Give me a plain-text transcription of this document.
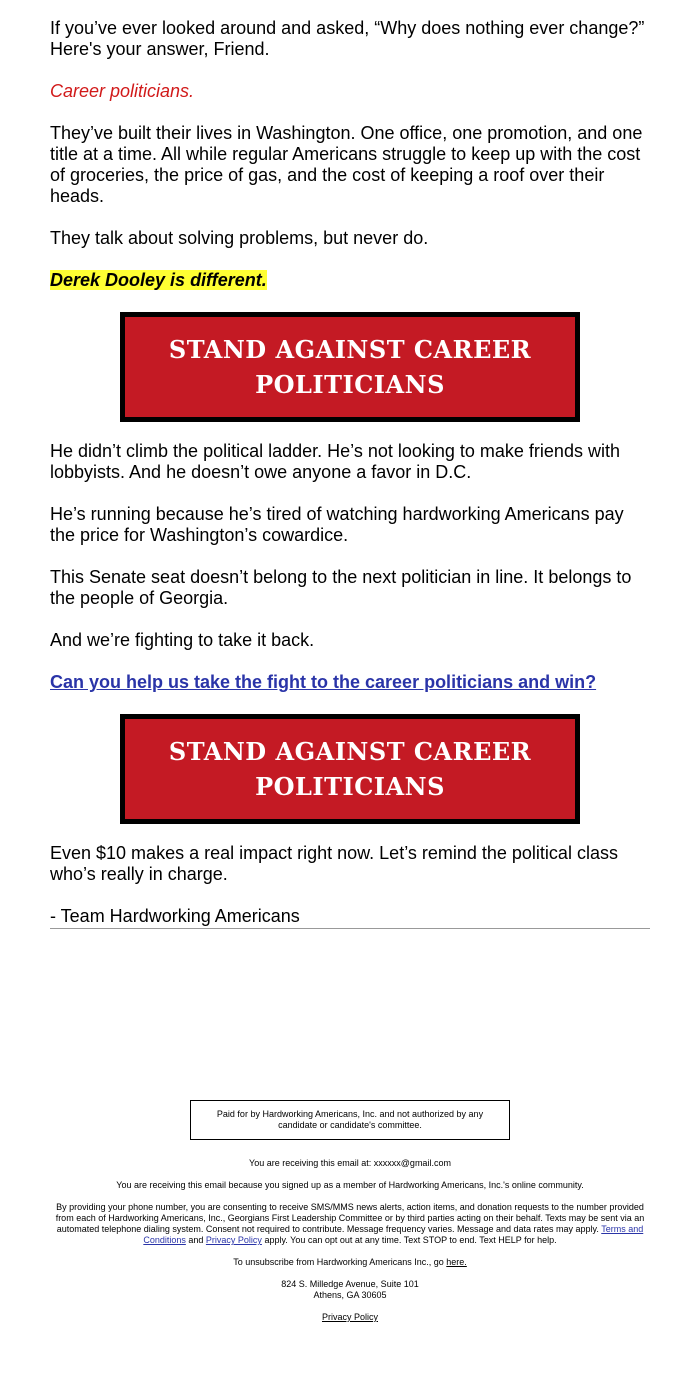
If you’ve ever looked around and asked, “Why does nothing ever change?” Here's your answer, Friend.

Career politicians.

They’ve built their lives in Washington. One office, one promotion, and one title at a time. All while regular Americans struggle to keep up with the cost of groceries, the price of gas, and the cost of keeping a roof over their heads.

They talk about solving problems, but never do.

Derek Dooley is different.

STAND AGAINST CAREER
POLITICIANS

He didn’t climb the political ladder. He’s not looking to make friends with lobbyists. And he doesn’t owe anyone a favor in D.C.

He’s running because he’s tired of watching hardworking Americans pay the price for Washington’s cowardice.

This Senate seat doesn’t belong to the next politician in line. It belongs to the people of Georgia.

And we’re fighting to take it back.

Can you help us take the fight to the career politicians and win?

STAND AGAINST CAREER
POLITICIANS

Even $10 makes a real impact right now. Let’s remind the political class who’s really in charge.

- Team Hardworking Americans

Paid for by Hardworking Americans, Inc. and not authorized by any candidate or candidate's committee.

You are receiving this email at: xxxxxx@gmail.com

You are receiving this email because you signed up as a member of Hardworking Americans, Inc.'s online community.

By providing your phone number, you are consenting to receive SMS/MMS news alerts, action items, and donation requests to the number provided from each of Hardworking Americans, Inc., Georgians First Leadership Committee or by third parties acting on their behalf. Texts may be sent via an automated telephone dialing system. Consent not required to contribute. Message frequency varies. Message and data rates may apply. Terms and Conditions and Privacy Policy apply. You can opt out at any time. Text STOP to end. Text HELP for help.

To unsubscribe from Hardworking Americans Inc., go here.

824 S. Milledge Avenue, Suite 101
Athens, GA 30605

Privacy Policy
